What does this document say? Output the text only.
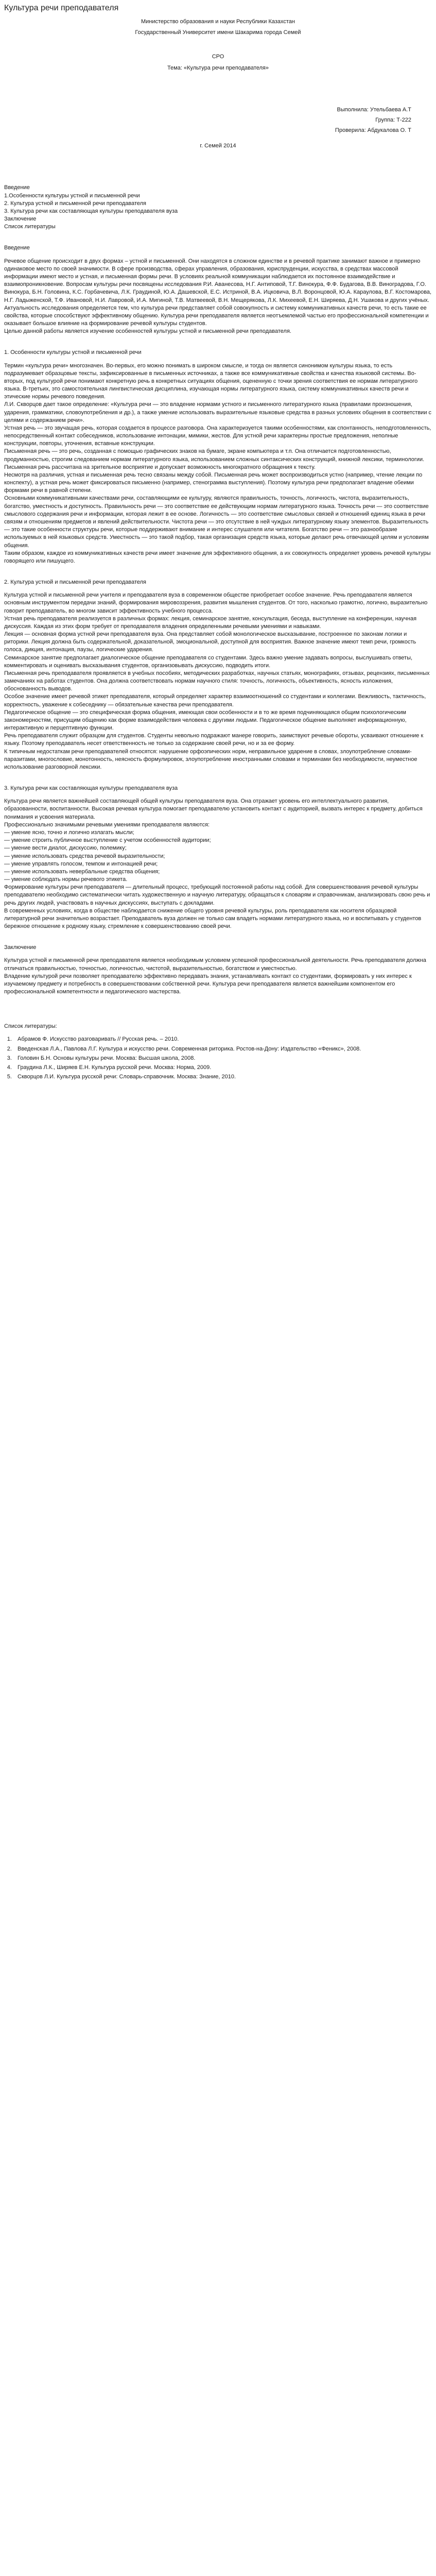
Культура речи преподавателя

Министерство образования и науки Республики Казахстан

Государственный Университет имени Шакарима города Семей

СРО

Тема: «Культура речи преподавателя»

Выполнила: Утельбаева А.Т

Группа: Т-222

Проверила: Абдукалова О. Т

г. Семей 2014

Введение
1.Особенности культуры устной и письменной речи
2. Культура устной и письменной речи преподавателя
3. Культура речи как составляющая культуры преподавателя вуза
Заключение
Список литературы

Введение

Речевое общение происходит в двух формах – устной и письменной. Они находятся в сложном единстве и в речевой практике занимают важное и примерно одинаковое место по своей значимости. В сфере производства, сферах управления, образования, юриспруденции, искусства, в средствах массовой информации имеют место и устная, и письменная формы речи. В условиях реальной коммуникации наблюдается их постоянное взаимодействие и взаимопроникновение. Вопросам культуры речи посвящены исследования Р.И. Аванесова, Н.Г. Антиповой, Т.Г. Винокура, Ф.Ф. Будагова, В.В. Виноградова, Г.О. Винокура, Б.Н. Головина, К.С. Горбачевича, Л.К. Граудиной, Ю.А. Дашевской, Е.С. Истриной, В.А. Ицковича, В.Л. Воронцовой, Ю.А. Караулова, В.Г. Костомарова, Н.Г. Ладыженской, Т.Ф. Ивановой, Н.И. Лавровой, И.А. Мигиной, Т.В. Матвеевой, В.Н. Мещерякова, Л.К. Михеевой, Е.Н. Ширяева, Д.Н. Ушакова и других учёных.

Актуальность исследования определяется тем, что культура речи представляет собой совокупность и систему коммуникативных качеств речи, то есть такие ее свойства, которые способствуют эффективному общению. Культура речи преподавателя является неотъемлемой частью его профессиональной компетенции и оказывает большое влияние на формирование речевой культуры студентов.

Целью данной работы является изучение особенностей культуры устной и письменной речи преподавателя.

1. Особенности культуры устной и письменной речи

Термин «культура речи» многозначен. Во-первых, его можно понимать в широком смысле, и тогда он является синонимом культуры языка, то есть подразумевает образцовые тексты, зафиксированные в письменных источниках, а также все коммуникативные свойства и качества языковой системы. Во-вторых, под культурой речи понимают конкретную речь в конкретных ситуациях общения, оцененную с точки зрения соответствия ее нормам литературного языка. В-третьих, это самостоятельная лингвистическая дисциплина, изучающая нормы литературного языка, систему коммуникативных качеств речи и этические нормы речевого поведения.

Л.И. Скворцов дает такое определение: «Культура речи — это владение нормами устного и письменного литературного языка (правилами произношения, ударения, грамматики, словоупотребления и др.), а также умение использовать выразительные языковые средства в разных условиях общения в соответствии с целями и содержанием речи».

Устная речь — это звучащая речь, которая создается в процессе разговора. Она характеризуется такими особенностями, как спонтанность, неподготовленность, непосредственный контакт собеседников, использование интонации, мимики, жестов. Для устной речи характерны простые предложения, неполные конструкции, повторы, уточнения, вставные конструкции.

Письменная речь — это речь, созданная с помощью графических знаков на бумаге, экране компьютера и т.п. Она отличается подготовленностью, продуманностью, строгим следованием нормам литературного языка, использованием сложных синтаксических конструкций, книжной лексики, терминологии. Письменная речь рассчитана на зрительное восприятие и допускает возможность многократного обращения к тексту.

Несмотря на различия, устная и письменная речь тесно связаны между собой. Письменная речь может воспроизводиться устно (например, чтение лекции по конспекту), а устная речь может фиксироваться письменно (например, стенограмма выступления). Поэтому культура речи предполагает владение обеими формами речи в равной степени.

Основными коммуникативными качествами речи, составляющими ее культуру, являются правильность, точность, логичность, чистота, выразительность, богатство, уместность и доступность. Правильность речи — это соответствие ее действующим нормам литературного языка. Точность речи — это соответствие смыслового содержания речи и информации, которая лежит в ее основе. Логичность — это соответствие смысловых связей и отношений единиц языка в речи связям и отношениям предметов и явлений действительности. Чистота речи — это отсутствие в ней чуждых литературному языку элементов. Выразительность — это такие особенности структуры речи, которые поддерживают внимание и интерес слушателя или читателя. Богатство речи — это разнообразие используемых в ней языковых средств. Уместность — это такой подбор, такая организация средств языка, которые делают речь отвечающей целям и условиям общения.

Таким образом, каждое из коммуникативных качеств речи имеет значение для эффективного общения, а их совокупность определяет уровень речевой культуры говорящего или пишущего.

2. Культура устной и письменной речи преподавателя

Культура устной и письменной речи учителя и преподавателя вуза в современном обществе приобретает особое значение. Речь преподавателя является основным инструментом передачи знаний, формирования мировоззрения, развития мышления студентов. От того, насколько грамотно, логично, выразительно говорит преподаватель, во многом зависит эффективность учебного процесса.

Устная речь преподавателя реализуется в различных формах: лекция, семинарское занятие, консультация, беседа, выступление на конференции, научная дискуссия. Каждая из этих форм требует от преподавателя владения определенными речевыми умениями и навыками.

Лекция — основная форма устной речи преподавателя вуза. Она представляет собой монологическое высказывание, построенное по законам логики и риторики. Лекция должна быть содержательной, доказательной, эмоциональной, доступной для восприятия. Важное значение имеют темп речи, громкость голоса, дикция, интонация, паузы, логические ударения.

Семинарское занятие предполагает диалогическое общение преподавателя со студентами. Здесь важно умение задавать вопросы, выслушивать ответы, комментировать и оценивать высказывания студентов, организовывать дискуссию, подводить итоги.

Письменная речь преподавателя проявляется в учебных пособиях, методических разработках, научных статьях, монографиях, отзывах, рецензиях, письменных замечаниях на работах студентов. Она должна соответствовать нормам научного стиля: точность, логичность, объективность, ясность изложения, обоснованность выводов.

Особое значение имеет речевой этикет преподавателя, который определяет характер взаимоотношений со студентами и коллегами. Вежливость, тактичность, корректность, уважение к собеседнику — обязательные качества речи преподавателя.

Педагогическое общение — это специфическая форма общения, имеющая свои особенности и в то же время подчиняющаяся общим психологическим закономерностям, присущим общению как форме взаимодействия человека с другими людьми. Педагогическое общение выполняет информационную, интерактивную и перцептивную функции.

Речь преподавателя служит образцом для студентов. Студенты невольно подражают манере говорить, заимствуют речевые обороты, усваивают отношение к языку. Поэтому преподаватель несет ответственность не только за содержание своей речи, но и за ее форму.

К типичным недостаткам речи преподавателей относятся: нарушение орфоэпических норм, неправильное ударение в словах, злоупотребление словами-паразитами, многословие, монотонность, неясность формулировок, злоупотребление иностранными словами и терминами без необходимости, неуместное использование разговорной лексики.

3. Культура речи как составляющая культуры преподавателя вуза

Культура речи является важнейшей составляющей общей культуры преподавателя вуза. Она отражает уровень его интеллектуального развития, образованности, воспитанности. Высокая речевая культура помогает преподавателю установить контакт с аудиторией, вызвать интерес к предмету, добиться понимания и усвоения материала.

Профессионально значимыми речевыми умениями преподавателя являются:

— умение ясно, точно и логично излагать мысли;

— умение строить публичное выступление с учетом особенностей аудитории;

— умение вести диалог, дискуссию, полемику;

— умение использовать средства речевой выразительности;

— умение управлять голосом, темпом и интонацией речи;

— умение использовать невербальные средства общения;

— умение соблюдать нормы речевого этикета.

Формирование культуры речи преподавателя — длительный процесс, требующий постоянной работы над собой. Для совершенствования речевой культуры преподавателю необходимо систематически читать художественную и научную литературу, обращаться к словарям и справочникам, анализировать свою речь и речь других людей, участвовать в научных дискуссиях, выступать с докладами.

В современных условиях, когда в обществе наблюдается снижение общего уровня речевой культуры, роль преподавателя как носителя образцовой литературной речи значительно возрастает. Преподаватель вуза должен не только сам владеть нормами литературного языка, но и воспитывать у студентов бережное отношение к родному языку, стремление к совершенствованию своей речи.

Заключение

Культура устной и письменной речи преподавателя является необходимым условием успешной профессиональной деятельности. Речь преподавателя должна отличаться правильностью, точностью, логичностью, чистотой, выразительностью, богатством и уместностью.

Владение культурой речи позволяет преподавателю эффективно передавать знания, устанавливать контакт со студентами, формировать у них интерес к изучаемому предмету и потребность в совершенствовании собственной речи. Культура речи преподавателя является важнейшим компонентом его профессиональной компетентности и педагогического мастерства.

Список литературы:

1. Абрамов Ф. Искусство разговаривать // Русская речь. – 2010.
2. Введенская Л.А., Павлова Л.Г. Культура и искусство речи. Современная риторика. Ростов-на-Дону: Издательство «Феникс», 2008.
3. Головин Б.Н. Основы культуры речи. Москва: Высшая школа, 2008.
4. Граудина Л.К., Ширяев Е.Н. Культура русской речи. Москва: Норма, 2009.
5. Скворцов Л.И. Культура русской речи: Словарь-справочник. Москва: Знание, 2010.
